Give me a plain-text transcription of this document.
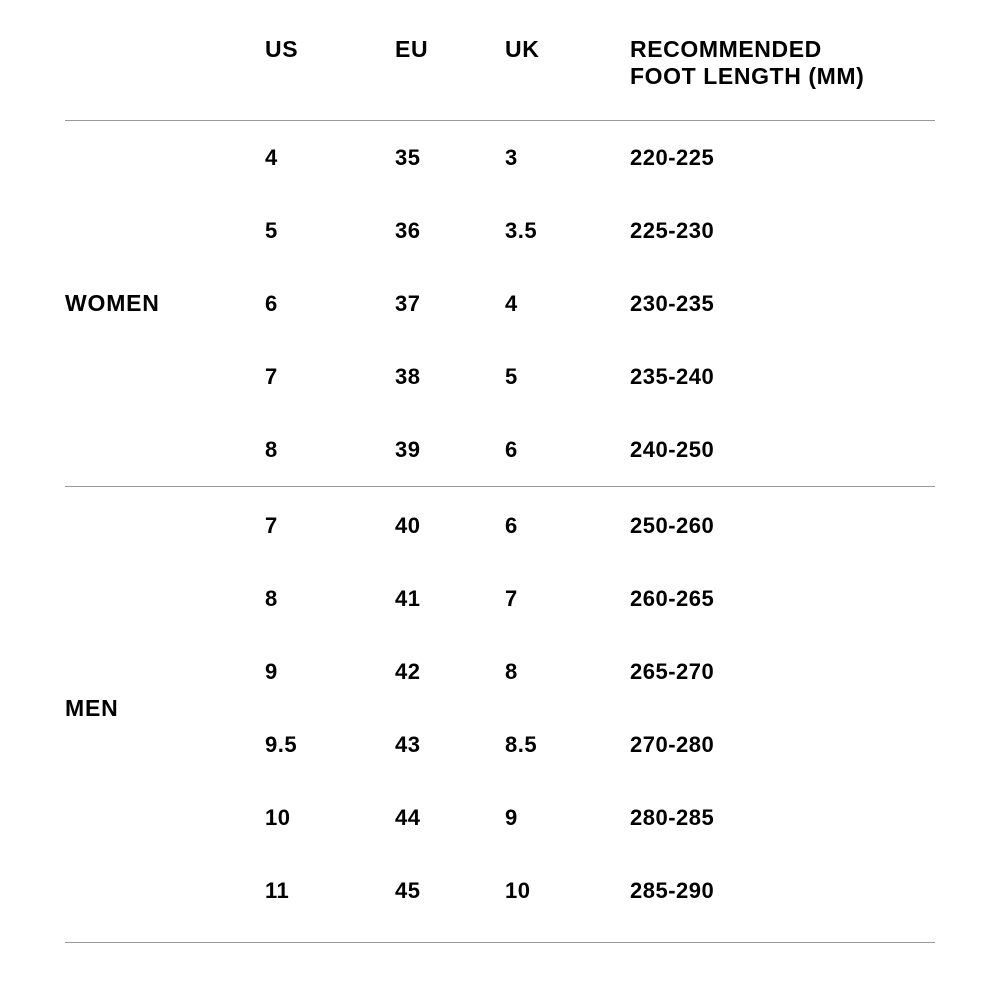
	US	EU	UK	RECOMMENDED
FOOT LENGTH (MM)
WOMEN	4	35	3	220-225
	5	36	3.5	225-230
	6	37	4	230-235
	7	38	5	235-240
	8	39	6	240-250
MEN	7	40	6	250-260
	8	41	7	260-265
	9	42	8	265-270
	9.5	43	8.5	270-280
	10	44	9	280-285
	11	45	10	285-290
